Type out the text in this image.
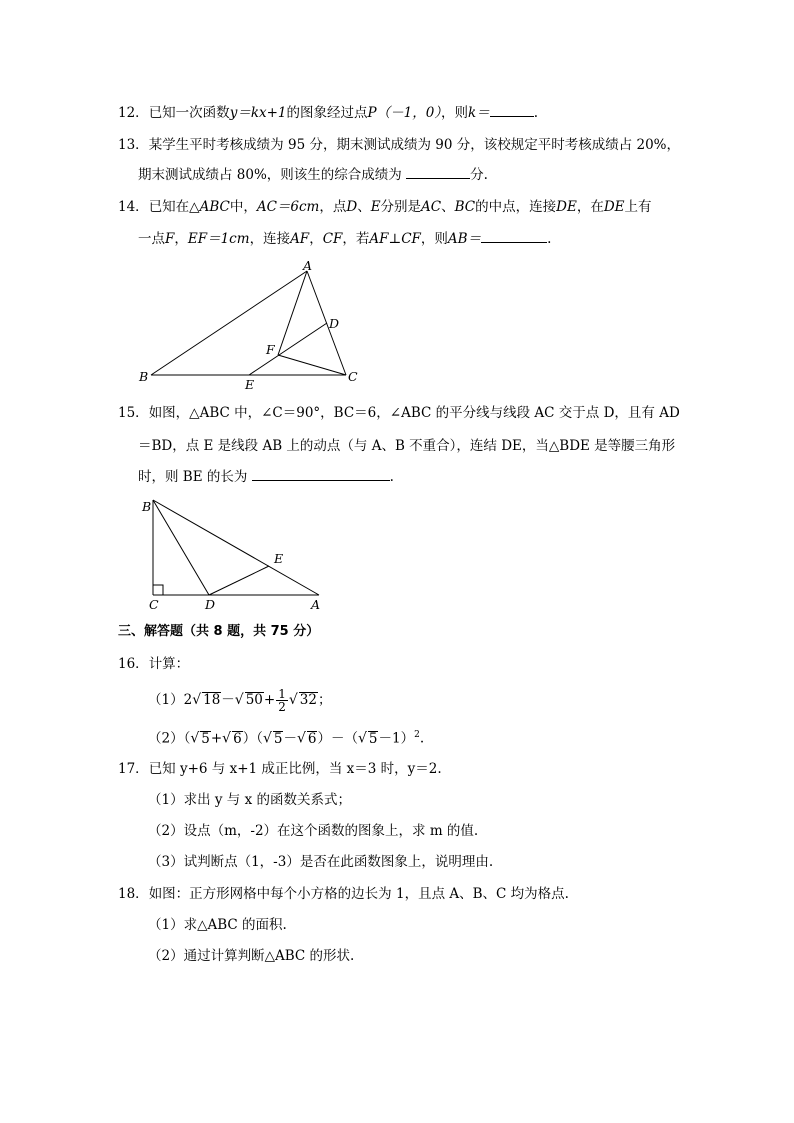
12．已知一次函数y＝kx+1的图象经过点P（－1，0），则k＝	.
13．某学生平时考核成绩为 95 分，期末测试成绩为 90 分，该校规定平时考核成绩占 20%，
期末测试成绩占 80%，则该生的综合成绩为	分.
14．已知在△ABC中，AC＝6cm，点D、E分别是AC、BC的中点，连接DE，在DE上有
一点F，EF＝1cm，连接AF，CF，若AF⊥CF，则AB＝	.
A
B	C
D
E
F
15．如图，△ABC 中，∠C＝90°，BC＝6，∠ABC 的平分线与线段 AC 交于点 D，且有 AD
＝BD，点 E 是线段 AB 上的动点（与 A、B 不重合），连结 DE，当△BDE 是等腰三角形
时，则 BE 的长为	.
B
C	D	A
E
三、解答题（共 8 题，共 75 分）
16．计算：
（1）2√ 18－√ $50+ \frac{1}{2}$ √ 32；
（2）（√ 5+√ 6）（√ 5－√ 6）－（√ 5－1）$^2$.
17．已知 y+6 与 x+1 成正比例，当 x＝3 时，y＝2.
（1）求出 y 与 x 的函数关系式；
（2）设点（m，-2）在这个函数的图象上，求 m 的值.
（3）试判断点（1，-3）是否在此函数图象上，说明理由.
18．如图：正方形网格中每个小方格的边长为 1，且点 A、B、C 均为格点.
（1）求△ABC 的面积.
（2）通过计算判断△ABC 的形状.
